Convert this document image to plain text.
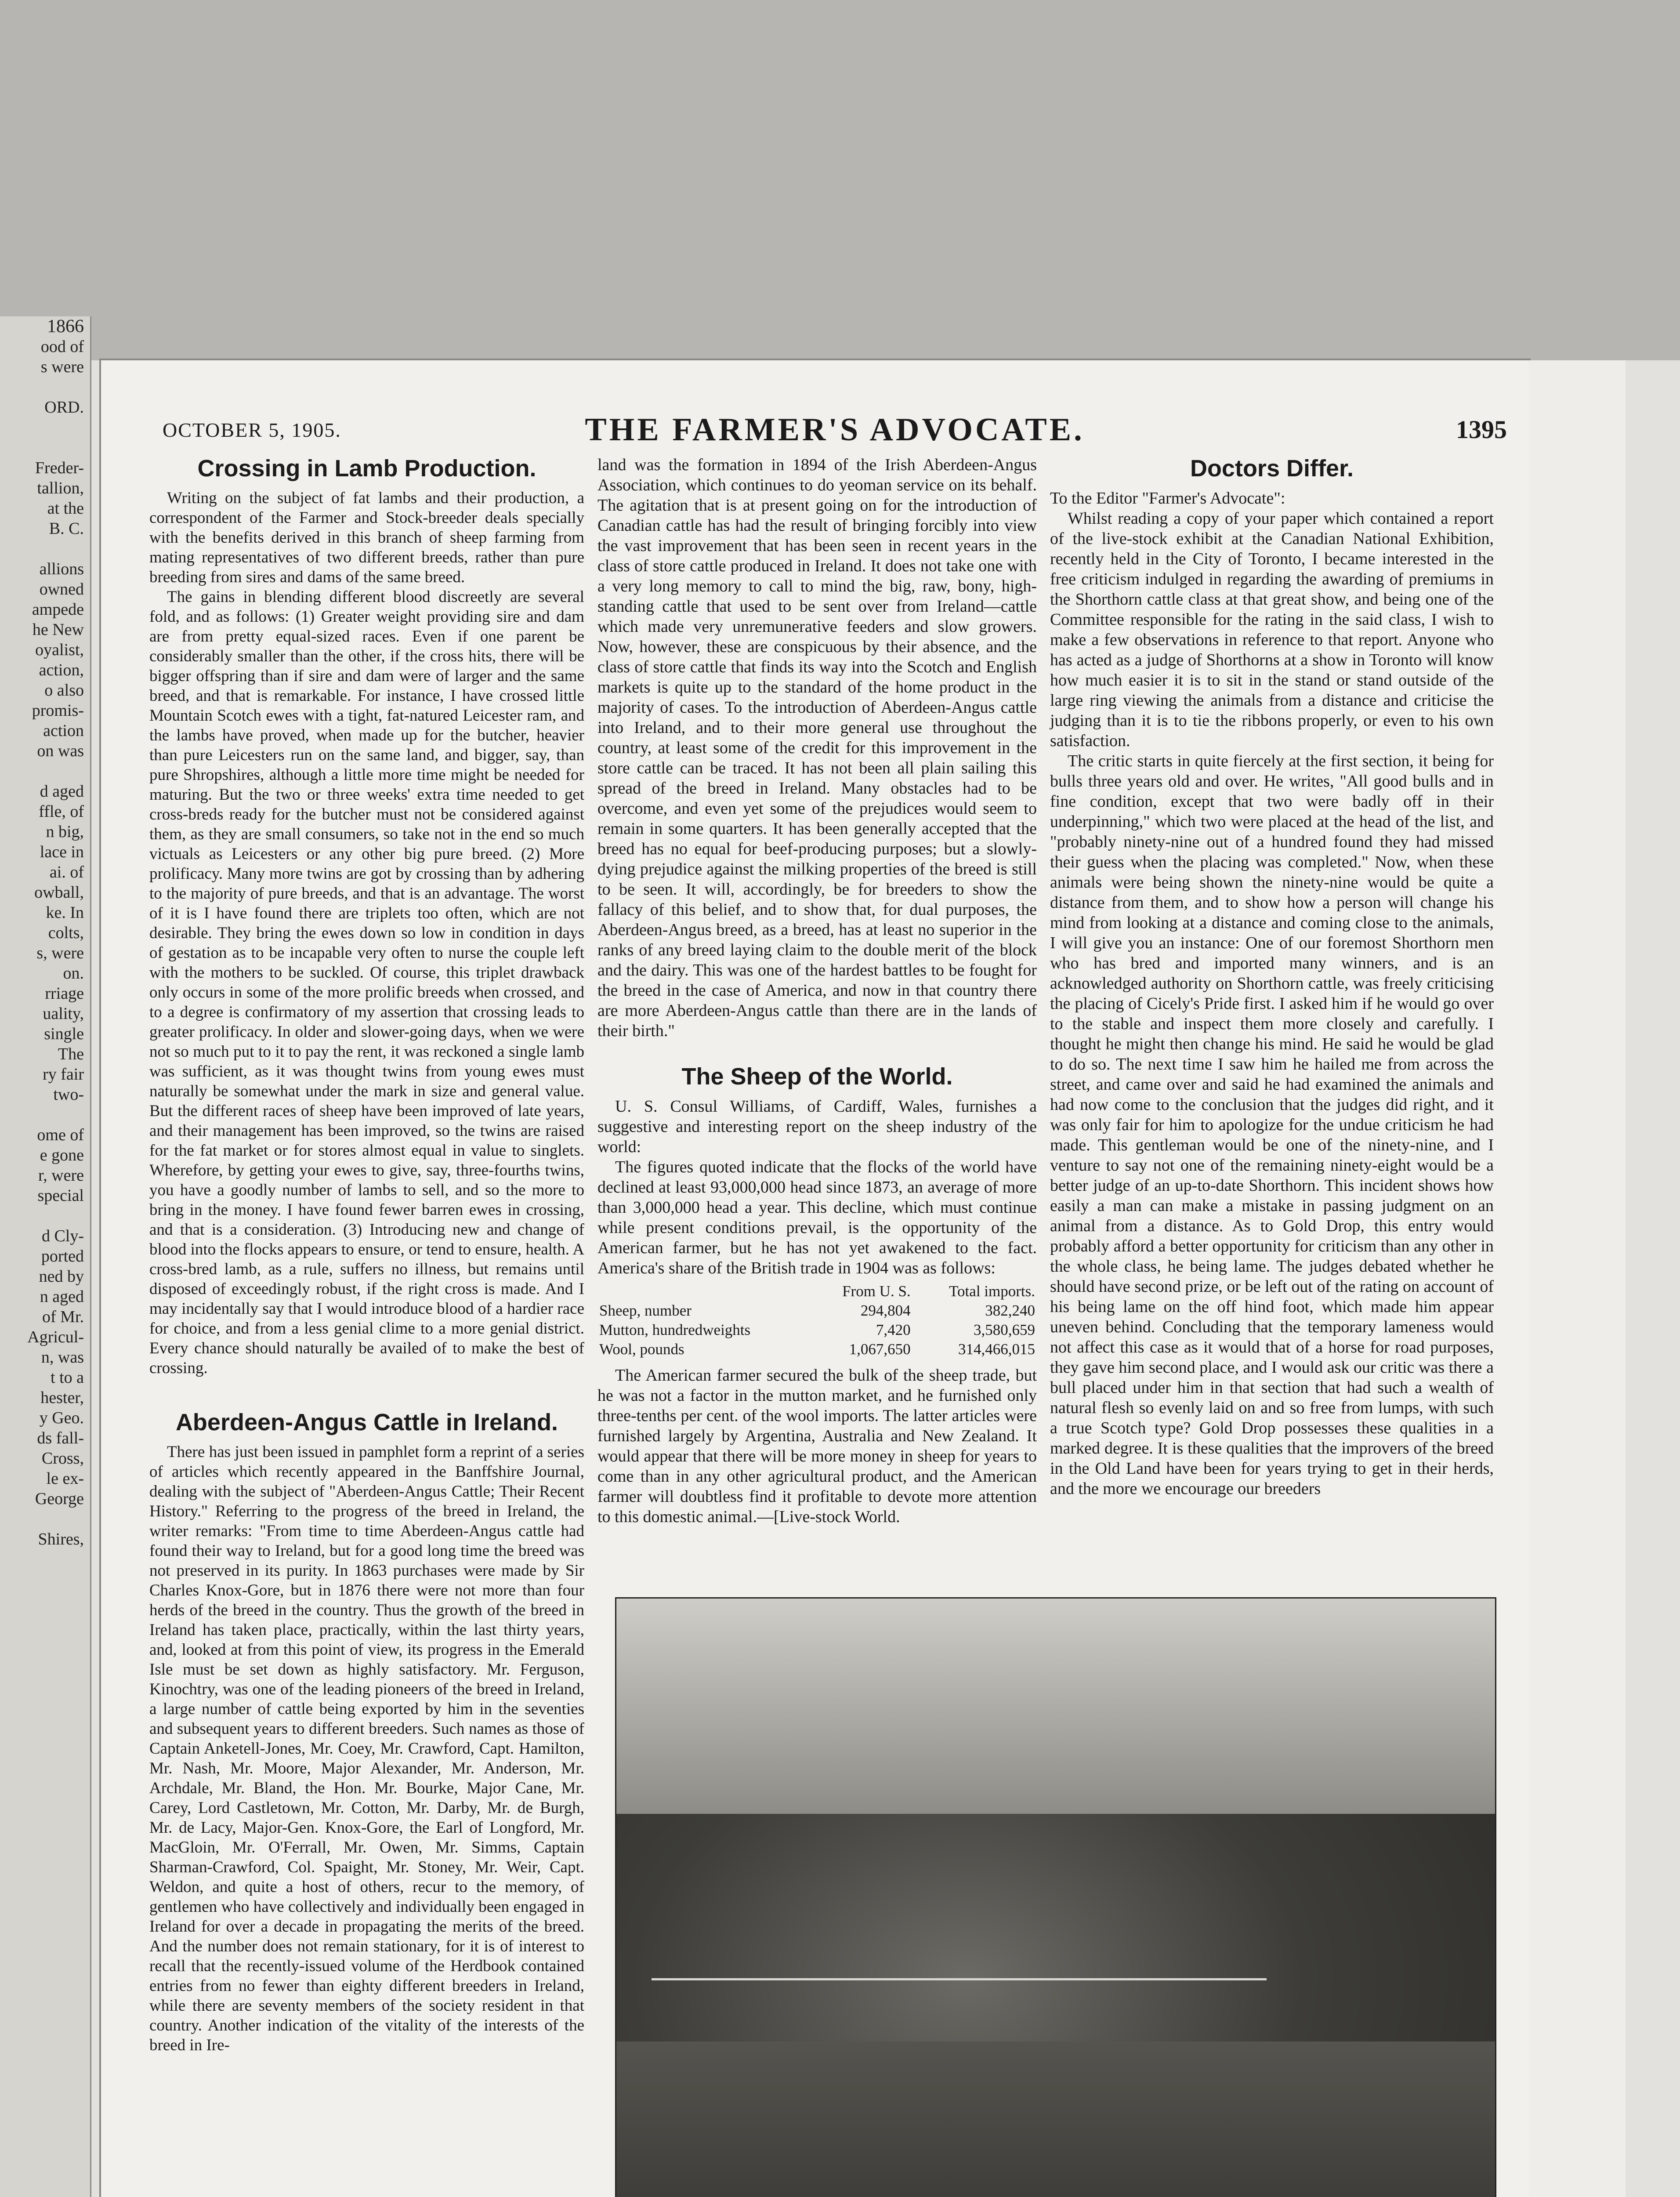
1866
ood of
s were
ORD.
Freder-
tallion,
at the
B. C.
allions
owned
ampede
he New
oyalist,
action,
o also
promis-
action
on was
d aged
ffle, of
n big,
lace in
ai. of
owball,
ke. In
colts,
s, were
on.
rriage
uality,
single
The
ry fair
two-
ome of
e gone
r, were
special
d Cly-
ported
ned by
n aged
of Mr.
Agricul-
n, was
t to a
hester,
y Geo.
ds fall-
Cross,
le ex-
George
Shires,
OCTOBER 5, 1905.	THE FARMER'S ADVOCATE.	1395
Crossing in Lamb Production.

Writing on the subject of fat lambs and their production, a correspondent of the Farmer and Stock-breeder deals specially with the benefits derived in this branch of sheep farming from mating representatives of two different breeds, rather than pure breeding from sires and dams of the same breed.

The gains in blending different blood discreetly are several fold, and as follows: (1) Greater weight providing sire and dam are from pretty equal-sized races. Even if one parent be considerably smaller than the other, if the cross hits, there will be bigger offspring than if sire and dam were of larger and the same breed, and that is remarkable. For instance, I have crossed little Mountain Scotch ewes with a tight, fat-natured Leicester ram, and the lambs have proved, when made up for the butcher, heavier than pure Leicesters run on the same land, and bigger, say, than pure Shropshires, although a little more time might be needed for maturing. But the two or three weeks' extra time needed to get cross-breds ready for the butcher must not be considered against them, as they are small consumers, so take not in the end so much victuals as Leicesters or any other big pure breed. (2) More prolificacy. Many more twins are got by crossing than by adhering to the majority of pure breeds, and that is an advantage. The worst of it is I have found there are triplets too often, which are not desirable. They bring the ewes down so low in condition in days of gestation as to be incapable very often to nurse the couple left with the mothers to be suckled. Of course, this triplet drawback only occurs in some of the more prolific breeds when crossed, and to a degree is confirmatory of my assertion that crossing leads to greater prolificacy. In older and slower-going days, when we were not so much put to it to pay the rent, it was reckoned a single lamb was sufficient, as it was thought twins from young ewes must naturally be somewhat under the mark in size and general value. But the different races of sheep have been improved of late years, and their management has been improved, so the twins are raised for the fat market or for stores almost equal in value to singlets. Wherefore, by getting your ewes to give, say, three-fourths twins, you have a goodly number of lambs to sell, and so the more to bring in the money. I have found fewer barren ewes in crossing, and that is a consideration. (3) Introducing new and change of blood into the flocks appears to ensure, or tend to ensure, health. A cross-bred lamb, as a rule, suffers no illness, but remains until disposed of exceedingly robust, if the right cross is made. And I may incidentally say that I would introduce blood of a hardier race for choice, and from a less genial clime to a more genial district. Every chance should naturally be availed of to make the best of crossing.

Aberdeen-Angus Cattle in Ireland.

There has just been issued in pamphlet form a reprint of a series of articles which recently appeared in the Banffshire Journal, dealing with the subject of "Aberdeen-Angus Cattle; Their Recent History." Referring to the progress of the breed in Ireland, the writer remarks: "From time to time Aberdeen-Angus cattle had found their way to Ireland, but for a good long time the breed was not preserved in its purity. In 1863 purchases were made by Sir Charles Knox-Gore, but in 1876 there were not more than four herds of the breed in the country. Thus the growth of the breed in Ireland has taken place, practically, within the last thirty years, and, looked at from this point of view, its progress in the Emerald Isle must be set down as highly satisfactory. Mr. Ferguson, Kinochtry, was one of the leading pioneers of the breed in Ireland, a large number of cattle being exported by him in the seventies and subsequent years to different breeders. Such names as those of Captain Anketell-Jones, Mr. Coey, Mr. Crawford, Capt. Hamilton, Mr. Nash, Mr. Moore, Major Alexander, Mr. Anderson, Mr. Archdale, Mr. Bland, the Hon. Mr. Bourke, Major Cane, Mr. Carey, Lord Castletown, Mr. Cotton, Mr. Darby, Mr. de Burgh, Mr. de Lacy, Major-Gen. Knox-Gore, the Earl of Longford, Mr. MacGloin, Mr. O'Ferrall, Mr. Owen, Mr. Simms, Captain Sharman-Crawford, Col. Spaight, Mr. Stoney, Mr. Weir, Capt. Weldon, and quite a host of others, recur to the memory, of gentlemen who have collectively and individually been engaged in Ireland for over a decade in propagating the merits of the breed. And the number does not remain stationary, for it is of interest to recall that the recently-issued volume of the Herdbook contained entries from no fewer than eighty different breeders in Ireland, while there are seventy members of the society resident in that country. Another indication of the vitality of the interests of the breed in Ire-

land was the formation in 1894 of the Irish Aberdeen-Angus Association, which continues to do yeoman service on its behalf. The agitation that is at present going on for the introduction of Canadian cattle has had the result of bringing forcibly into view the vast improvement that has been seen in recent years in the class of store cattle produced in Ireland. It does not take one with a very long memory to call to mind the big, raw, bony, high-standing cattle that used to be sent over from Ireland—cattle which made very unremunerative feeders and slow growers. Now, however, these are conspicuous by their absence, and the class of store cattle that finds its way into the Scotch and English markets is quite up to the standard of the home product in the majority of cases. To the introduction of Aberdeen-Angus cattle into Ireland, and to their more general use throughout the country, at least some of the credit for this improvement in the store cattle can be traced. It has not been all plain sailing this spread of the breed in Ireland. Many obstacles had to be overcome, and even yet some of the prejudices would seem to remain in some quarters. It has been generally accepted that the breed has no equal for beef-producing purposes; but a slowly-dying prejudice against the milking properties of the breed is still to be seen. It will, accordingly, be for breeders to show the fallacy of this belief, and to show that, for dual purposes, the Aberdeen-Angus breed, as a breed, has at least no superior in the ranks of any breed laying claim to the double merit of the block and the dairy. This was one of the hardest battles to be fought for the breed in the case of America, and now in that country there are more Aberdeen-Angus cattle than there are in the lands of their birth."

The Sheep of the World.

U. S. Consul Williams, of Cardiff, Wales, furnishes a suggestive and interesting report on the sheep industry of the world:

The figures quoted indicate that the flocks of the world have declined at least 93,000,000 head since 1873, an average of more than 3,000,000 head a year. This decline, which must continue while present conditions prevail, is the opportunity of the American farmer, but he has not yet awakened to the fact. America's share of the British trade in 1904 was as follows:

	From U. S.	Total imports.
Sheep, number	294,804	382,240
Mutton, hundredweights	7,420	3,580,659
Wool, pounds	1,067,650	314,466,015

The American farmer secured the bulk of the sheep trade, but he was not a factor in the mutton market, and he furnished only three-tenths per cent. of the wool imports. The latter articles were furnished largely by Argentina, Australia and New Zealand. It would appear that there will be more money in sheep for years to come than in any other agricultural product, and the American farmer will doubtless find it profitable to devote more attention to this domestic animal.—[Live-stock World.

Doctors Differ.

To the Editor "Farmer's Advocate":

Whilst reading a copy of your paper which contained a report of the live-stock exhibit at the Canadian National Exhibition, recently held in the City of Toronto, I became interested in the free criticism indulged in regarding the awarding of premiums in the Shorthorn cattle class at that great show, and being one of the Committee responsible for the rating in the said class, I wish to make a few observations in reference to that report. Anyone who has acted as a judge of Shorthorns at a show in Toronto will know how much easier it is to sit in the stand or stand outside of the large ring viewing the animals from a distance and criticise the judging than it is to tie the ribbons properly, or even to his own satisfaction.

The critic starts in quite fiercely at the first section, it being for bulls three years old and over. He writes, "All good bulls and in fine condition, except that two were badly off in their underpinning," which two were placed at the head of the list, and "probably ninety-nine out of a hundred found they had missed their guess when the placing was completed." Now, when these animals were being shown the ninety-nine would be quite a distance from them, and to show how a person will change his mind from looking at a distance and coming close to the animals, I will give you an instance: One of our foremost Shorthorn men who has bred and imported many winners, and is an acknowledged authority on Shorthorn cattle, was freely criticising the placing of Cicely's Pride first. I asked him if he would go over to the stable and inspect them more closely and carefully. I thought he might then change his mind. He said he would be glad to do so. The next time I saw him he hailed me from across the street, and came over and said he had examined the animals and had now come to the conclusion that the judges did right, and it was only fair for him to apologize for the undue criticism he had made. This gentleman would be one of the ninety-nine, and I venture to say not one of the remaining ninety-eight would be a better judge of an up-to-date Shorthorn. This incident shows how easily a man can make a mistake in passing judgment on an animal from a distance. As to Gold Drop, this entry would probably afford a better opportunity for criticism than any other in the whole class, he being lame. The judges debated whether he should have second prize, or be left out of the rating on account of his being lame on the off hind foot, which made him appear uneven behind. Concluding that the temporary lameness would not affect this case as it would that of a horse for road purposes, they gave him second place, and I would ask our critic was there a bull placed under him in that section that had such a wealth of natural flesh so evenly laid on and so free from lumps, with such a true Scotch type? Gold Drop possesses these qualities in a marked degree. It is these qualities that the improvers of the breed in the Old Land have been for years trying to get in their herds, and the more we encourage our breeders
